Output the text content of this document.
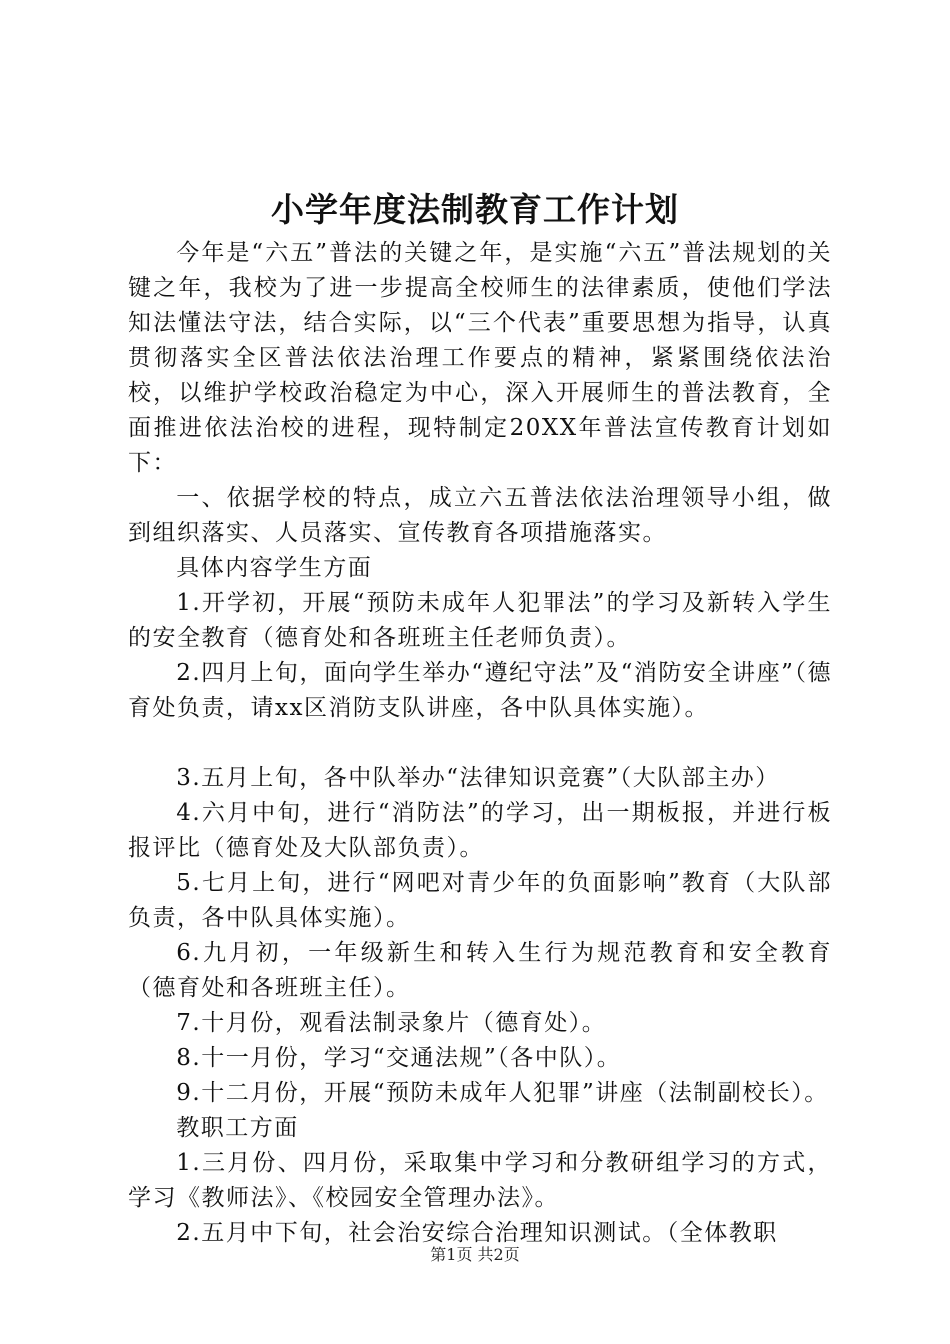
小学年度法制教育工作计划

今年是“六五”普法的关键之年，是实施“六五”普法规划的关键之年，我校为了进一步提高全校师生的法律素质，使他们学法知法懂法守法，结合实际，以“三个代表”重要思想为指导，认真贯彻落实全区普法依法治理工作要点的精神，紧紧围绕依法治校，以维护学校政治稳定为中心，深入开展师生的普法教育，全面推进依法治校的进程，现特制定20XX年普法宣传教育计划如下：

一、依据学校的特点，成立六五普法依法治理领导小组，做到组织落实、人员落实、宣传教育各项措施落实。

具体内容学生方面

1.开学初，开展“预防未成年人犯罪法”的学习及新转入学生的安全教育（德育处和各班班主任老师负责）。

2.四月上旬，面向学生举办“遵纪守法”及“消防安全讲座”（德育处负责，请xx区消防支队讲座，各中队具体实施）。

3.五月上旬，各中队举办“法律知识竞赛”（大队部主办）

4.六月中旬，进行“消防法”的学习，出一期板报，并进行板报评比（德育处及大队部负责）。

5.七月上旬，进行“网吧对青少年的负面影响”教育（大队部负责，各中队具体实施）。

6.九月初，一年级新生和转入生行为规范教育和安全教育（德育处和各班班主任）。

7.十月份，观看法制录象片（德育处）。

8.十一月份，学习“交通法规”（各中队）。

9.十二月份，开展“预防未成年人犯罪”讲座（法制副校长）。

教职工方面

1.三月份、四月份，采取集中学习和分教研组学习的方式，学习《教师法》、《校园安全管理办法》。

2.五月中下旬，社会治安综合治理知识测试。（全体教职

第1页 共2页
